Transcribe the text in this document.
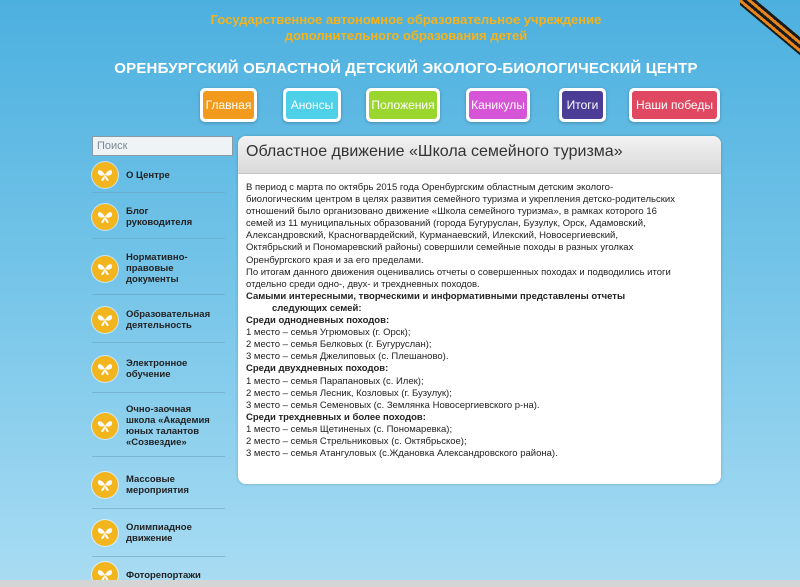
Государственное автономное образовательное учреждение
дополнительного образования детей
ОРЕНБУРГСКИЙ ОБЛАСТНОЙ ДЕТСКИЙ ЭКОЛОГО-БИОЛОГИЧЕСКИЙ ЦЕНТР
Главная	Анонсы	Положения	Каникулы	Итоги	Наши победы
Поиск
О Центре
Блог
руководителя
Нормативно-
правовые
документы
Образовательная
деятельность
Электронное
обучение
Очно-заочная
школа «Академия
юных талантов
«Созвездие»
Массовые
мероприятия
Олимпиадное
движение
Фоторепортажи
Областное движение «Школа семейного туризма»
В период с марта по октябрь 2015 года Оренбургским областным детским эколого-
биологическим центром в целях развития семейного туризма и укрепления детско-родительских
отношений было организовано движение «Школа семейного туризма», в рамках которого 16
семей из 11 муниципальных образований (города Бугуруслан, Бузулук, Орск, Адамовский,
Александровский, Красногвардейский, Курманаевский, Илекский, Новосергиевский,
Октябрьский и Пономаревский районы) совершили семейные походы в разных уголках
Оренбургского края и за его пределами.
По итогам данного движения оценивались отчеты о совершенных походах и подводились итоги
отдельно среди одно-, двух- и трехдневных походов.
Самыми интересными, творческими и информативными представлены отчеты
следующих семей:
Среди однодневных походов:
1 место – семья Угрюмовых (г. Орск);
2 место – семья Белковых (г. Бугуруслан);
3 место – семья Джелиповых (с. Плешаново).
Среди двухдневных походов:
1 место – семья Парапановых (с. Илек);
2 место – семья Лесник, Козловых (г. Бузулук);
3 место – семья Семеновых (с. Землянка Новосергиевского р-на).
Среди трехдневных и более походов:
1 место – семья Щетиненых (с. Пономаревка);
2 место – семья Стрельниковых (с. Октябрьское);
3 место – семья Атангуловых (с.Ждановка Александровского района).
